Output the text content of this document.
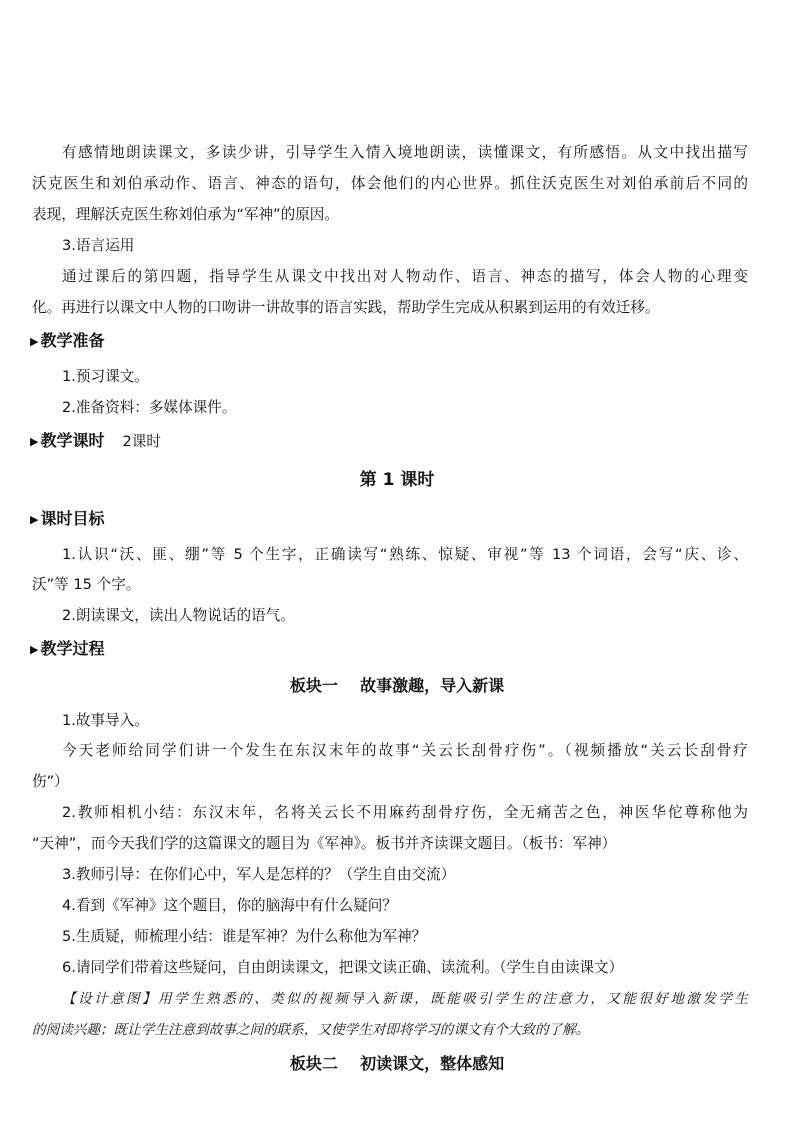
有感情地朗读课文，多读少讲，引导学生入情入境地朗读，读懂课文，有所感悟。从文中找出描写
沃克医生和刘伯承动作、语言、神态的语句，体会他们的内心世界。抓住沃克医生对刘伯承前后不同的
表现，理解沃克医生称刘伯承为“军神”的原因。
3.语言运用
通过课后的第四题，指导学生从课文中找出对人物动作、语言、神态的描写，体会人物的心理变
化。再进行以课文中人物的口吻讲一讲故事的语言实践，帮助学生完成从积累到运用的有效迁移。
▶ 教学准备
1.预习课文。
2.准备资料：多媒体课件。
▶ 教学课时 2课时
第 1 课时
▶ 课时目标
1.认识“沃、匪、绷”等 5 个生字，正确读写“熟练、惊疑、审视”等 13 个词语，会写“庆、诊、
沃”等 15 个字。
2.朗读课文，读出人物说话的语气。
▶ 教学过程
板块一    故事激趣，导入新课
1.故事导入。
今天老师给同学们讲一个发生在东汉末年的故事“关云长刮骨疗伤”。（视频播放“关云长刮骨疗
伤”）
2.教师相机小结：东汉末年，名将关云长不用麻药刮骨疗伤，全无痛苦之色，神医华佗尊称他为
“天神”，而今天我们学的这篇课文的题目为《军神》。板书并齐读课文题目。（板书：军神）
3.教师引导：在你们心中，军人是怎样的？（学生自由交流）
4.看到《军神》这个题目，你的脑海中有什么疑问？
5.生质疑，师梳理小结：谁是军神？为什么称他为军神？
6.请同学们带着这些疑问，自由朗读课文，把课文读正确、读流利。（学生自由读课文）
【设计意图】用学生熟悉的、类似的视频导入新课，既能吸引学生的注意力，又能很好地激发学生
的阅读兴趣；既让学生注意到故事之间的联系，又使学生对即将学习的课文有个大致的了解。
板块二    初读课文，整体感知
